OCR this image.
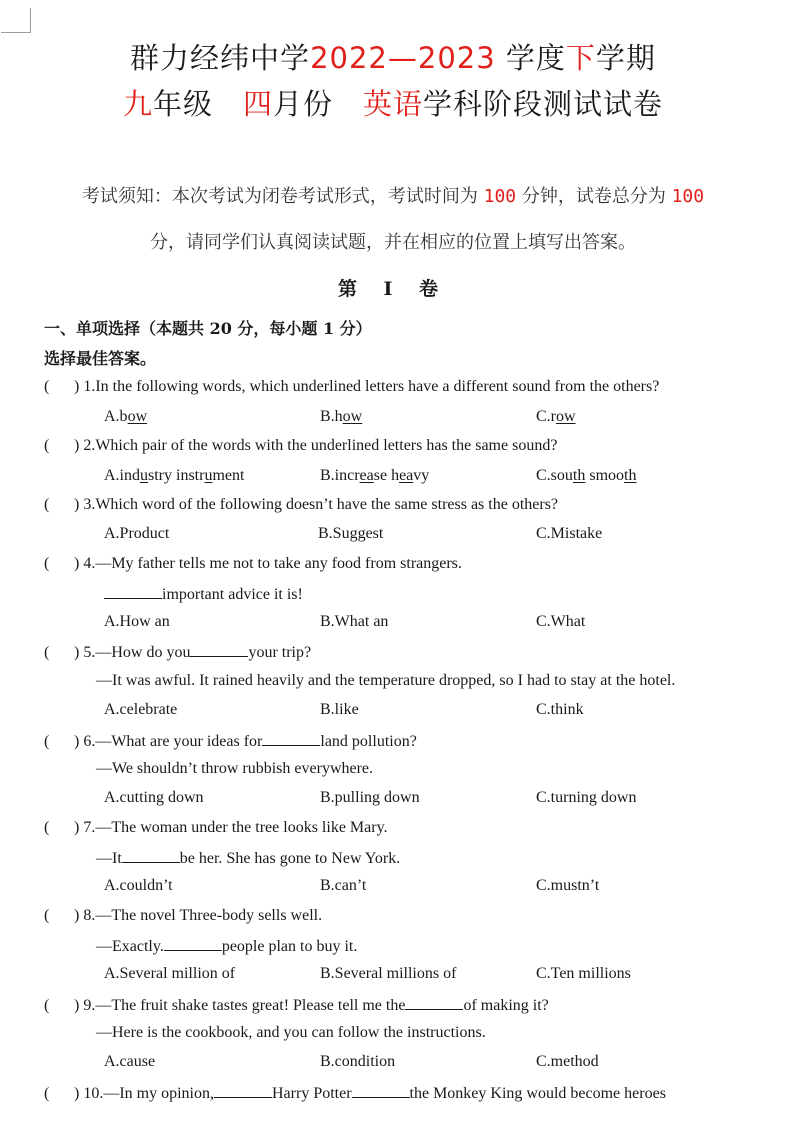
群力经纬中学2022—2023 学度下学期
九年级 四月份 英语学科阶段测试试卷
考试须知：本次考试为闭卷考试形式，考试时间为 100 分钟，试卷总分为 100
分，请同学们认真阅读试题，并在相应的位置上填写出答案。
第 I 卷
一、单项选择（本题共 20 分，每小题 1 分）
选择最佳答案。
( ) 1.In the following words, which underlined letters have a different sound from the others?
A.bow	B.how	C.row
( ) 2.Which pair of the words with the underlined letters has the same sound?
A.industry instrument	B.increase heavy	C.south smooth
( ) 3.Which word of the following doesn’t have the same stress as the others?
A.Product	B.Suggest	C.Mistake
( ) 4.—My father tells me not to take any food from strangers.
important advice it is!
A.How an	B.What an	C.What
( ) 5.—How do you	your trip?
—It was awful. It rained heavily and the temperature dropped, so I had to stay at the hotel.
A.celebrate	B.like	C.think
( ) 6.—What are your ideas for	land pollution?
—We shouldn’t throw rubbish everywhere.
A.cutting down	B.pulling down	C.turning down
( ) 7.—The woman under the tree looks like Mary.
—It	be her. She has gone to New York.
A.couldn’t	B.can’t	C.mustn’t
( ) 8.—The novel Three-body sells well.
—Exactly.	people plan to buy it.
A.Several million of	B.Several millions of	C.Ten millions
( ) 9.—The fruit shake tastes great! Please tell me the	of making it?
—Here is the cookbook, and you can follow the instructions.
A.cause	B.condition	C.method
( ) 10.—In my opinion,	Harry Potter	the Monkey King would become heroes
